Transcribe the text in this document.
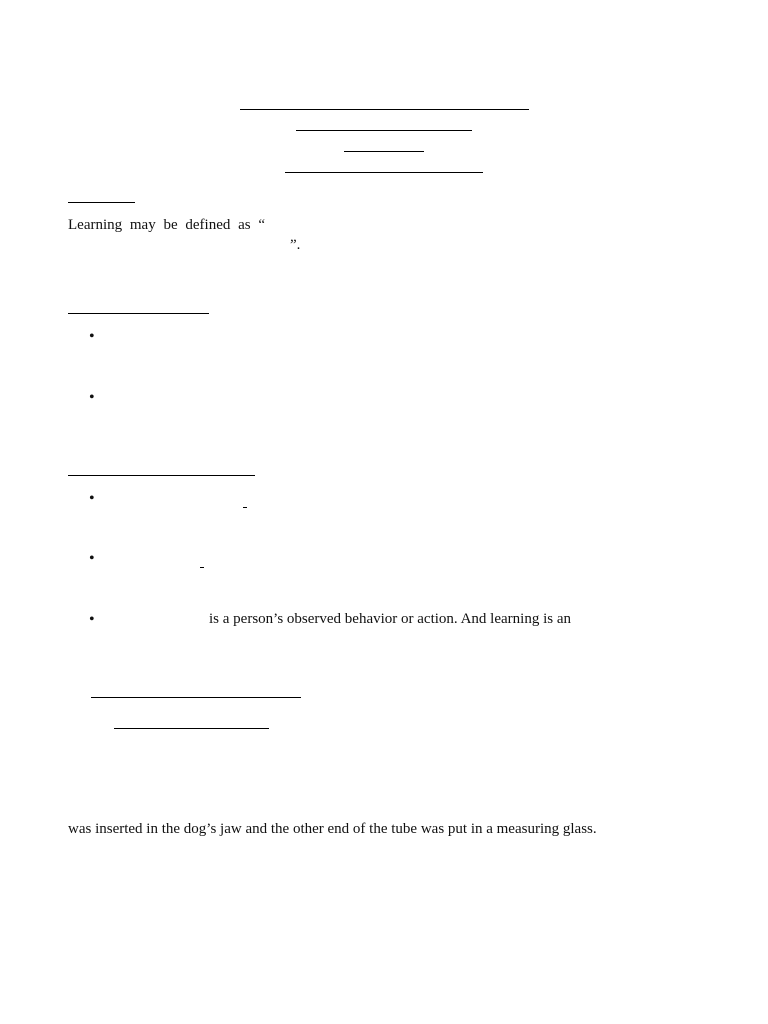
Learning may be defined as “
”.
•
•
•
•
•	is a person’s observed behavior or action. And learning is an
was inserted in the dog’s jaw and the other end of the tube was put in a measuring glass.
